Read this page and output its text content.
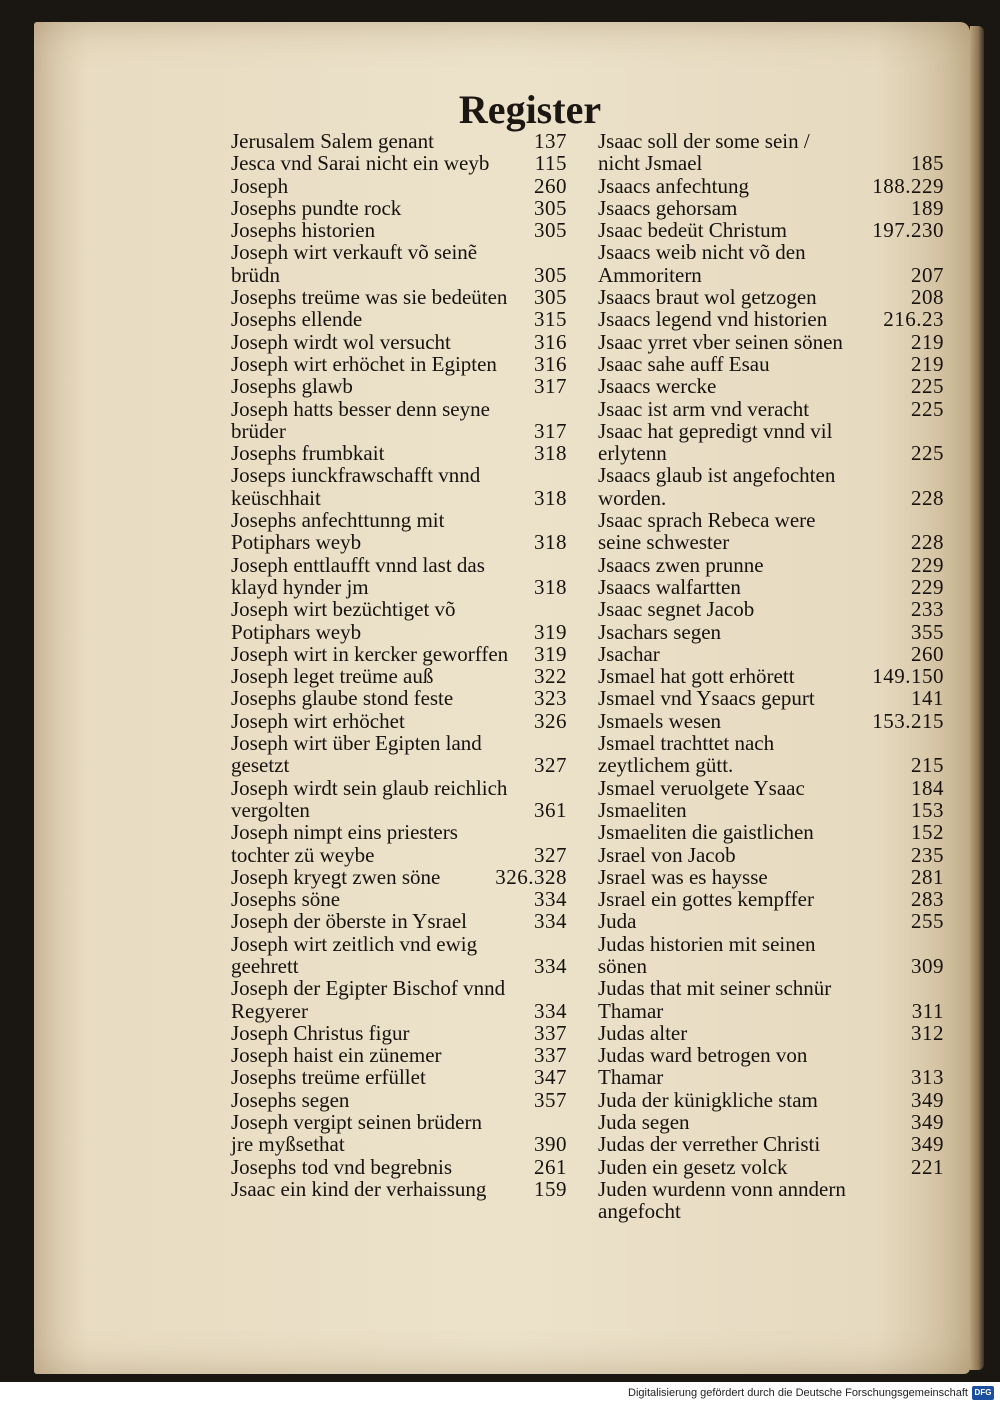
Register
Jerusalem Salem genant	137
Jesca vnd Sarai nicht ein weyb	115
Joseph	260
Josephs pundte rock	305
Josephs historien	305
Joseph wirt verkauft võ seinẽ brüdn	305
Josephs treüme was sie bedeüten	305
Josephs ellende	315
Joseph wirdt wol versucht	316
Joseph wirt erhöchet in Egipten	316
Josephs glawb	317
Joseph hatts besser denn seyne brüder	317
Josephs frumbkait	318
Joseps iunckfrawschafft vnnd keüschhait	318
Josephs anfechttunng mit Potiphars weyb	318
Joseph enttlaufft vnnd last das klayd hynder jm	318
Joseph wirt bezüchtiget võ Potiphars weyb	319
Joseph wirt in kercker geworffen	319
Joseph leget treüme auß	322
Josephs glaube stond feste	323
Joseph wirt erhöchet	326
Joseph wirt über Egipten land gesetzt	327
Joseph wirdt sein glaub reichlich vergolten	361
Joseph nimpt eins priesters tochter zü weybe	327
Joseph kryegt zwen söne	326.328
Josephs söne	334
Joseph der öberste in Ysrael	334
Joseph wirt zeitlich vnd ewig geehrett	334
Joseph der Egipter Bischof vnnd Regyerer	334
Joseph Christus figur	337
Joseph haist ein zünemer	337
Josephs treüme erfüllet	347
Josephs segen	357
Joseph vergipt seinen brüdern jre myßsethat	390
Josephs tod vnd begrebnis	261
Jsaac ein kind der verhaissung	159
Jsaac soll der some sein / nicht Jsmael	185
Jsaacs anfechtung	188.229
Jsaacs gehorsam	189
Jsaac bedeüt Christum	197.230
Jsaacs weib nicht võ den Ammoritern	207
Jsaacs braut wol getzogen	208
Jsaacs legend vnd historien	216.23
Jsaac yrret vber seinen sönen	219
Jsaac sahe auff Esau	219
Jsaacs wercke	225
Jsaac ist arm vnd veracht	225
Jsaac hat gepredigt vnnd vil erlytenn	225
Jsaacs glaub ist angefochten worden.	228
Jsaac sprach Rebeca were seine schwester	228
Jsaacs zwen prunne	229
Jsaacs walfartten	229
Jsaac segnet Jacob	233
Jsachars segen	355
Jsachar	260
Jsmael hat gott erhörett	149.150
Jsmael vnd Ysaacs gepurt	141
Jsmaels wesen	153.215
Jsmael trachttet nach zeytlichem gütt.	215
Jsmael veruolgete Ysaac	184
Jsmaeliten	153
Jsmaeliten die gaistlichen	152
Jsrael von Jacob	235
Jsrael was es haysse	281
Jsrael ein gottes kempffer	283
Juda	255
Judas historien mit seinen sönen	309
Judas that mit seiner schnür Thamar	311
Judas alter	312
Judas ward betrogen von Thamar	313
Juda der künigkliche stam	349
Juda segen	349
Judas der verrether Christi	349
Juden ein gesetz volck	221
Juden wurdenn vonn anndern angefocht
Digitalisierung gefördert durch die Deutsche Forschungsgemeinschaft DFG
